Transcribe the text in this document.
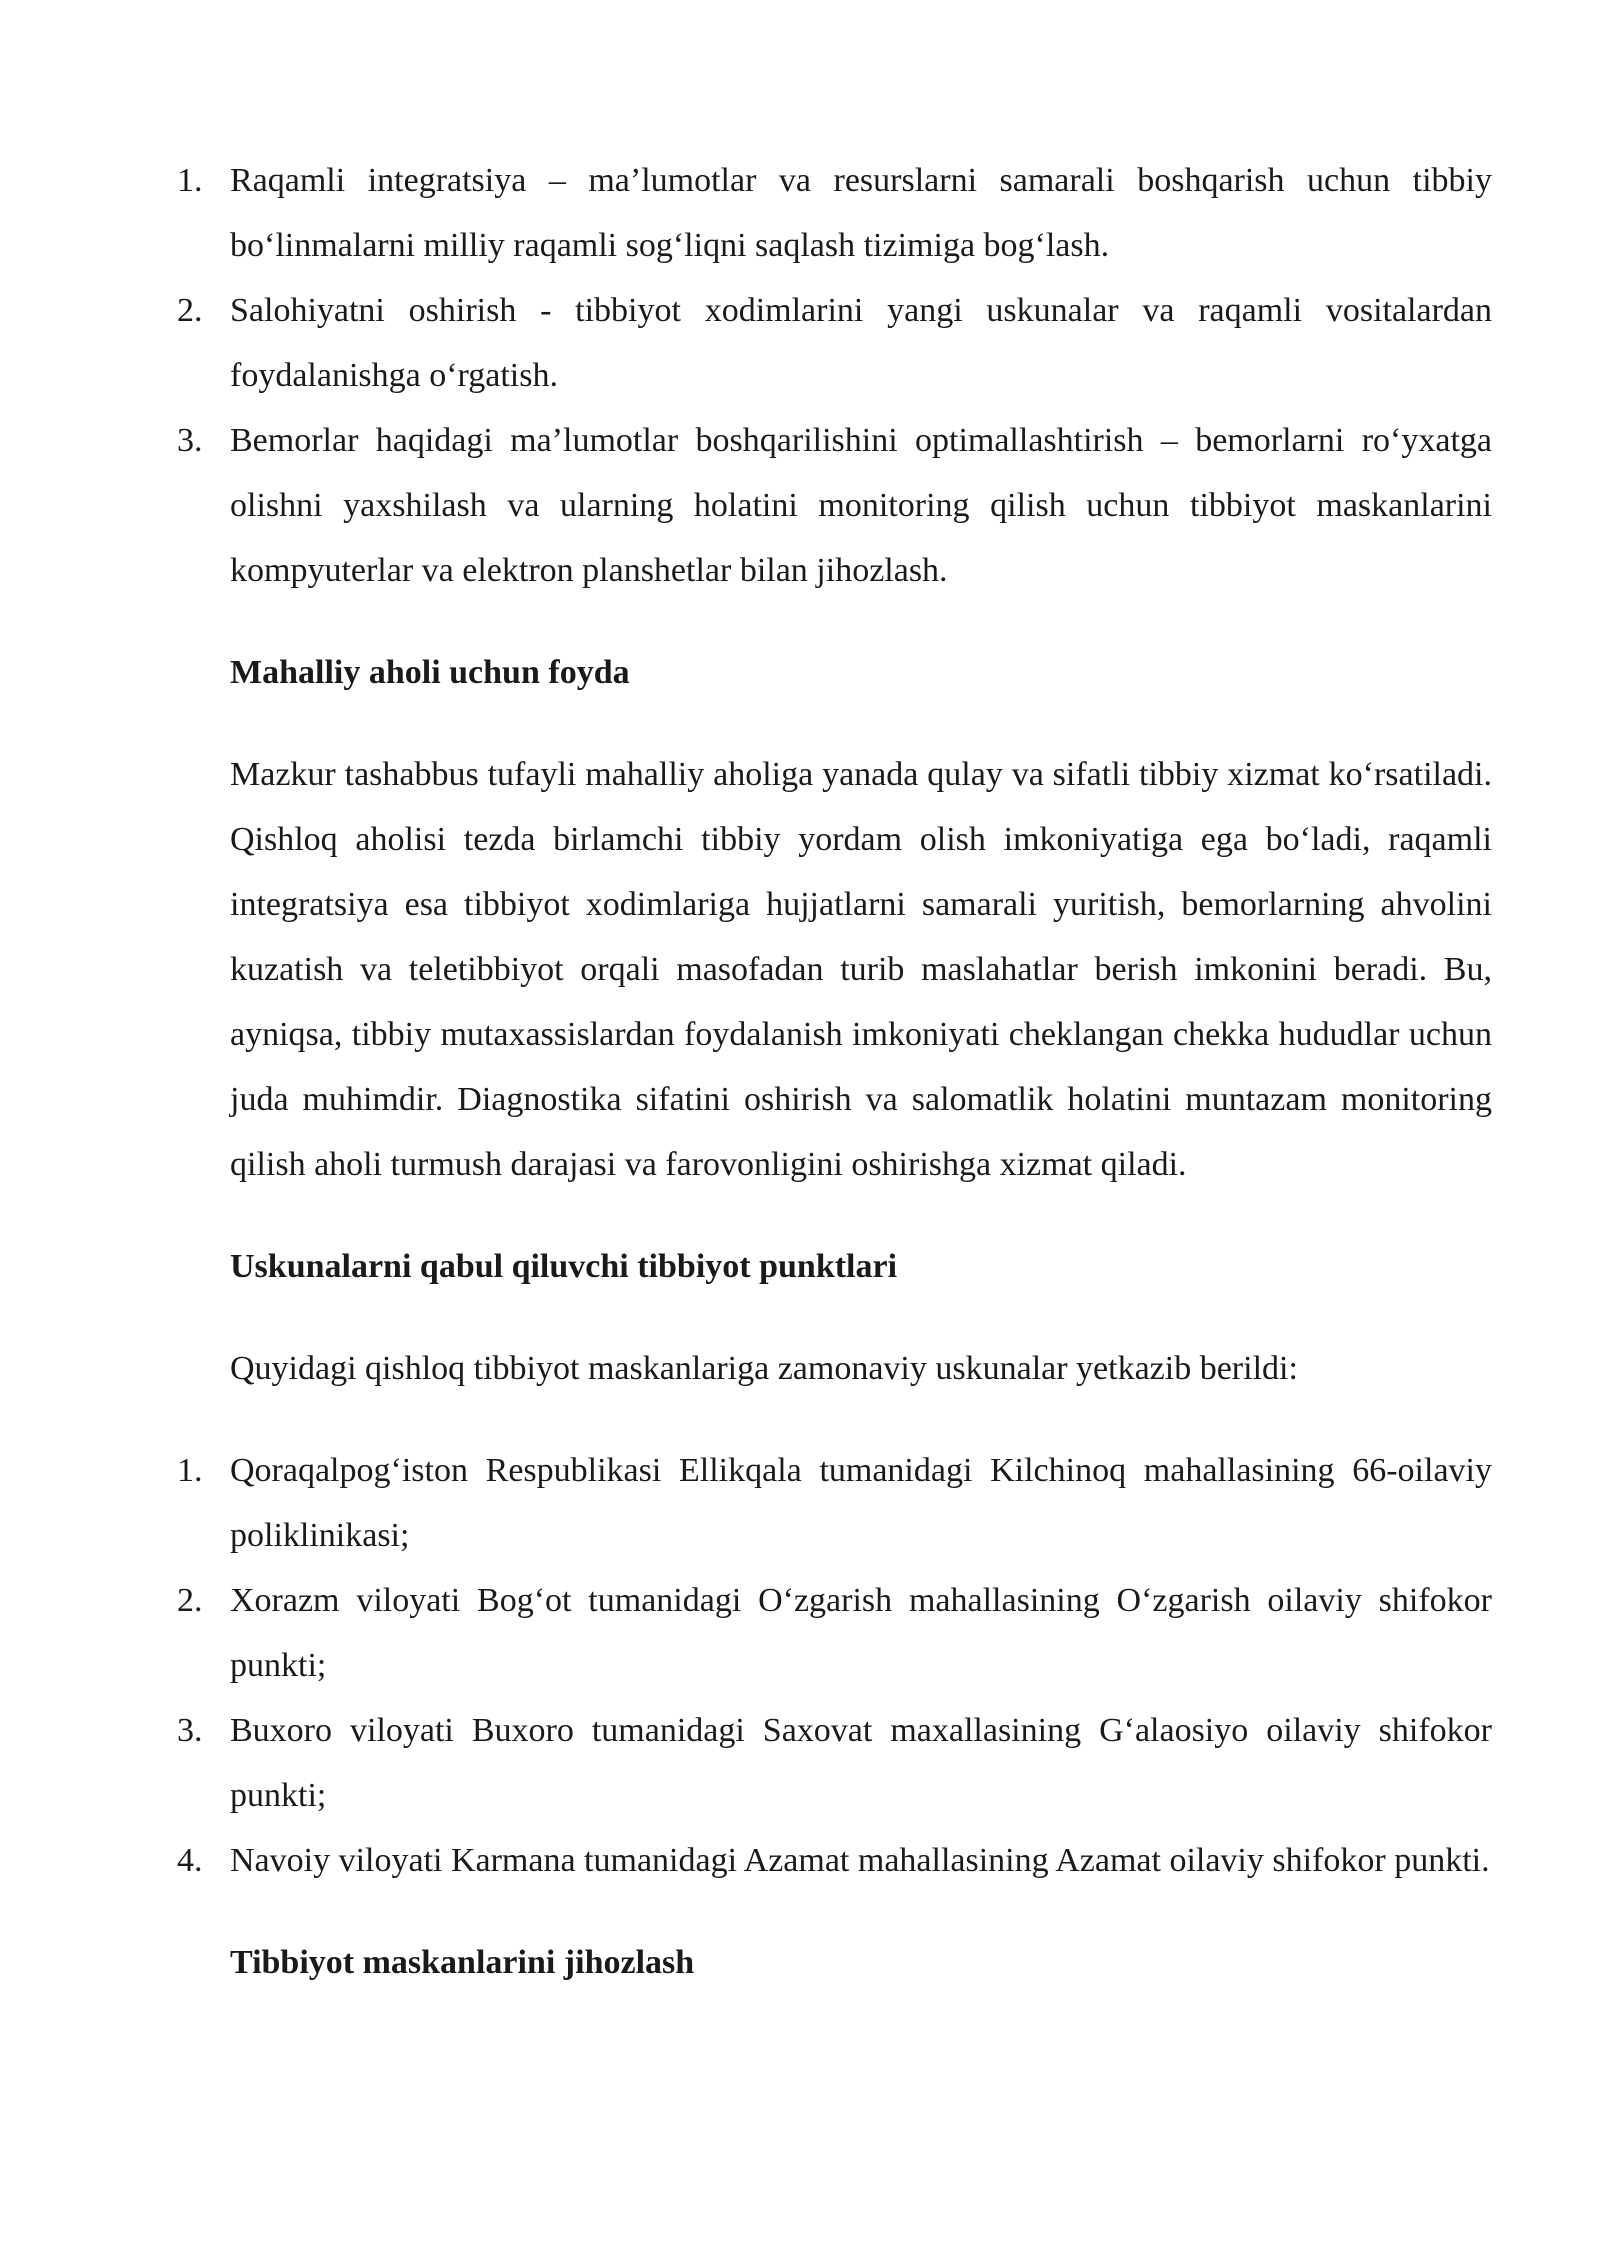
1. Raqamli integratsiya – ma’lumotlar va resurslarni samarali boshqarish uchun tibbiy bo‘linmalarni milliy raqamli sog‘liqni saqlash tizimiga bog‘lash.
2. Salohiyatni oshirish - tibbiyot xodimlarini yangi uskunalar va raqamli vositalardan foydalanishga o‘rgatish.
3. Bemorlar haqidagi ma’lumotlar boshqarilishini optimallashtirish – bemorlarni ro‘yxatga olishni yaxshilash va ularning holatini monitoring qilish uchun tibbiyot maskanlarini kompyuterlar va elektron planshetlar bilan jihozlash.
Mahalliy aholi uchun foyda

Mazkur tashabbus tufayli mahalliy aholiga yanada qulay va sifatli tibbiy xizmat ko‘rsatiladi. Qishloq aholisi tezda birlamchi tibbiy yordam olish imkoniyatiga ega bo‘ladi, raqamli integratsiya esa tibbiyot xodimlariga hujjatlarni samarali yuritish, bemorlarning ahvolini kuzatish va teletibbiyot orqali masofadan turib maslahatlar berish imkonini beradi. Bu, ayniqsa, tibbiy mutaxassislardan foydalanish imkoniyati cheklangan chekka hududlar uchun juda muhimdir. Diagnostika sifatini oshirish va salomatlik holatini muntazam monitoring qilish aholi turmush darajasi va farovonligini oshirishga xizmat qiladi.

Uskunalarni qabul qiluvchi tibbiyot punktlari

Quyidagi qishloq tibbiyot maskanlariga zamonaviy uskunalar yetkazib berildi:

1. Qoraqalpog‘iston Respublikasi Ellikqala tumanidagi Kilchinoq mahallasining 66-oilaviy poliklinikasi;
2. Xorazm viloyati Bog‘ot tumanidagi O‘zgarish mahallasining O‘zgarish oilaviy shifokor punkti;
3. Buxoro viloyati Buxoro tumanidagi Saxovat maxallasining G‘alaosiyo oilaviy shifokor punkti;
4. Navoiy viloyati Karmana tumanidagi Azamat mahallasining Azamat oilaviy shifokor punkti.
Tibbiyot maskanlarini jihozlash
